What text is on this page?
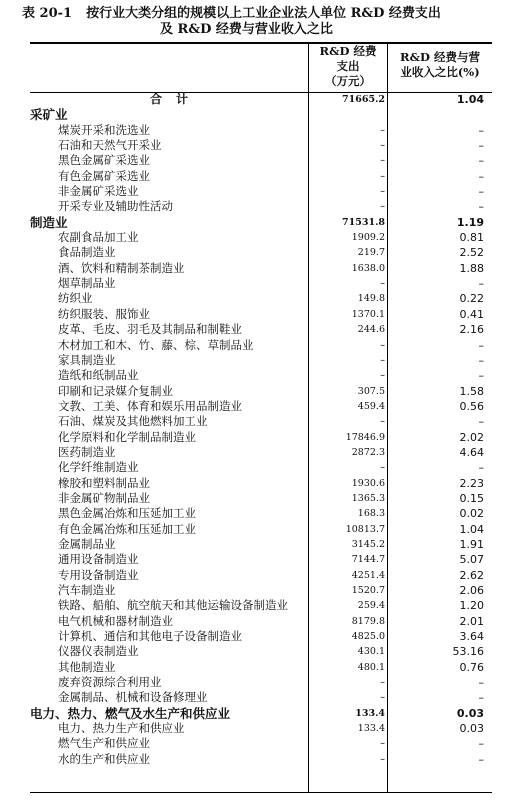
表 20-1 按行业大类分组的规模以上工业企业法人单位 R&D 经费支出
及 R&D 经费与营业收入之比
R&D 经费
支出
（万元）
R&D 经费与营
业收入之比(%)
合计	71665.2	1.04
采矿业
煤炭开采和洗选业	–	–
石油和天然气开采业	–	–
黑色金属矿采选业	–	–
有色金属矿采选业	–	–
非金属矿采选业	–	–
开采专业及辅助性活动	–	–
制造业	71531.8	1.19
农副食品加工业	1909.2	0.81
食品制造业	219.7	2.52
酒、饮料和精制茶制造业	1638.0	1.88
烟草制品业	–	–
纺织业	149.8	0.22
纺织服装、服饰业	1370.1	0.41
皮革、毛皮、羽毛及其制品和制鞋业	244.6	2.16
木材加工和木、竹、藤、棕、草制品业	–	–
家具制造业	–	–
造纸和纸制品业	–	–
印刷和记录媒介复制业	307.5	1.58
文教、工美、体育和娱乐用品制造业	459.4	0.56
石油、煤炭及其他燃料加工业	–	–
化学原料和化学制品制造业	17846.9	2.02
医药制造业	2872.3	4.64
化学纤维制造业	–	–
橡胶和塑料制品业	1930.6	2.23
非金属矿物制品业	1365.3	0.15
黑色金属冶炼和压延加工业	168.3	0.02
有色金属冶炼和压延加工业	10813.7	1.04
金属制品业	3145.2	1.91
通用设备制造业	7144.7	5.07
专用设备制造业	4251.4	2.62
汽车制造业	1520.7	2.06
铁路、船舶、航空航天和其他运输设备制造业	259.4	1.20
电气机械和器材制造业	8179.8	2.01
计算机、通信和其他电子设备制造业	4825.0	3.64
仪器仪表制造业	430.1	53.16
其他制造业	480.1	0.76
废弃资源综合利用业	–	–
金属制品、机械和设备修理业	–	–
电力、热力、燃气及水生产和供应业	133.4	0.03
电力、热力生产和供应业	133.4	0.03
燃气生产和供应业	–	–
水的生产和供应业	–	–
